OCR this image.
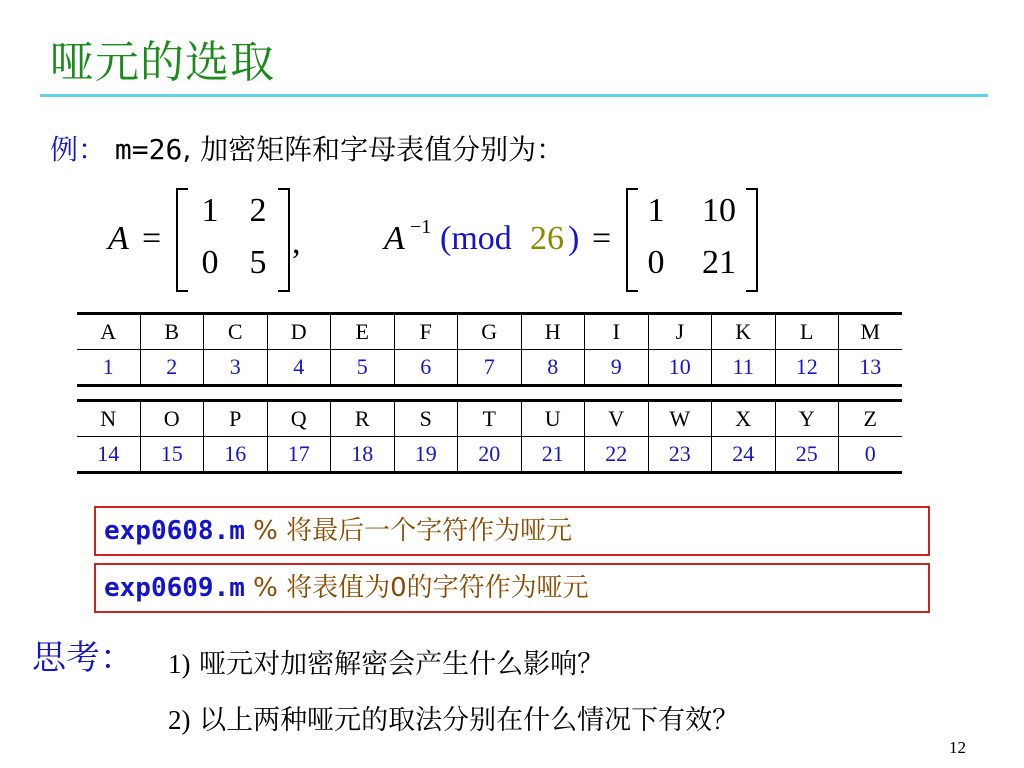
哑元的选取
例： m=26, 加密矩阵和字母表值分别为：
A =
1 2
0 5
, A −1 (mod 26 ) =
1 10
0 21
A	B	C	D	E	F	G	H	I	J	K	L	M
1	2	3	4	5	6	7	8	9	10	11	12	13
N	O	P	Q	R	S	T	U	V	W	X	Y	Z
14	15	16	17	18	19	20	21	22	23	24	25	0
exp0608.m % 将最后一个字符作为哑元
exp0609.m % 将表值为0的字符作为哑元
思考： 1) 哑元对加密解密会产生什么影响？
2) 以上两种哑元的取法分别在什么情况下有效？
12
